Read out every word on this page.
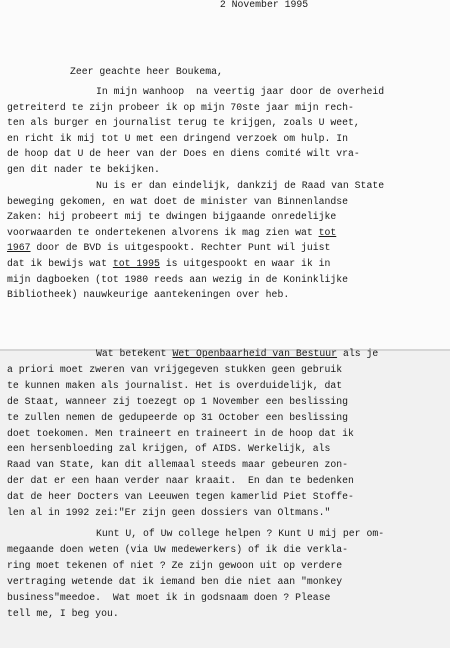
2 November 1995
Zeer geachte heer Boukema,
In mijn wanhoop  na veertig jaar door de overheid
getreiterd te zijn probeer ik op mijn 70ste jaar mijn rech-
ten als burger en journalist terug te krijgen, zoals U weet,
en richt ik mij tot U met een dringend verzoek om hulp. In
de hoop dat U de heer van der Does en diens comité wilt vra-
gen dit nader te bekijken.
Nu is er dan eindelijk, dankzij de Raad van State
beweging gekomen, en wat doet de minister van Binnenlandse
Zaken: hij probeert mij te dwingen bijgaande onredelijke
voorwaarden te ondertekenen alvorens ik mag zien wat tot
1967 door de BVD is uitgespookt. Rechter Punt wil juist
dat ik bewijs wat tot 1995 is uitgespookt en waar ik in
mijn dagboeken (tot 1980 reeds aan wezig in de Koninklijke
Bibliotheek) nauwkeurige aantekeningen over heb.
Wat betekent Wet Openbaarheid van Bestuur als je
a priori moet zweren van vrijgegeven stukken geen gebruik
te kunnen maken als journalist. Het is overduidelijk, dat
de Staat, wanneer zij toezegt op 1 November een beslissing
te zullen nemen de gedupeerde op 31 October een beslissing
doet toekomen. Men traineert en traineert in de hoop dat ik
een hersenbloeding zal krijgen, of AIDS. Werkelijk, als
Raad van State, kan dit allemaal steeds maar gebeuren zon-
der dat er een haan verder naar kraait.  En dan te bedenken
dat de heer Docters van Leeuwen tegen kamerlid Piet Stoffe-
len al in 1992 zei:"Er zijn geen dossiers van Oltmans."
Kunt U, of Uw college helpen ? Kunt U mij per om-
megaande doen weten (via Uw medewerkers) of ik die verkla-
ring moet tekenen of niet ? Ze zijn gewoon uit op verdere
vertraging wetende dat ik iemand ben die niet aan "monkey
business"meedoe.  Wat moet ik in godsnaam doen ? Please
tell me, I beg you.
